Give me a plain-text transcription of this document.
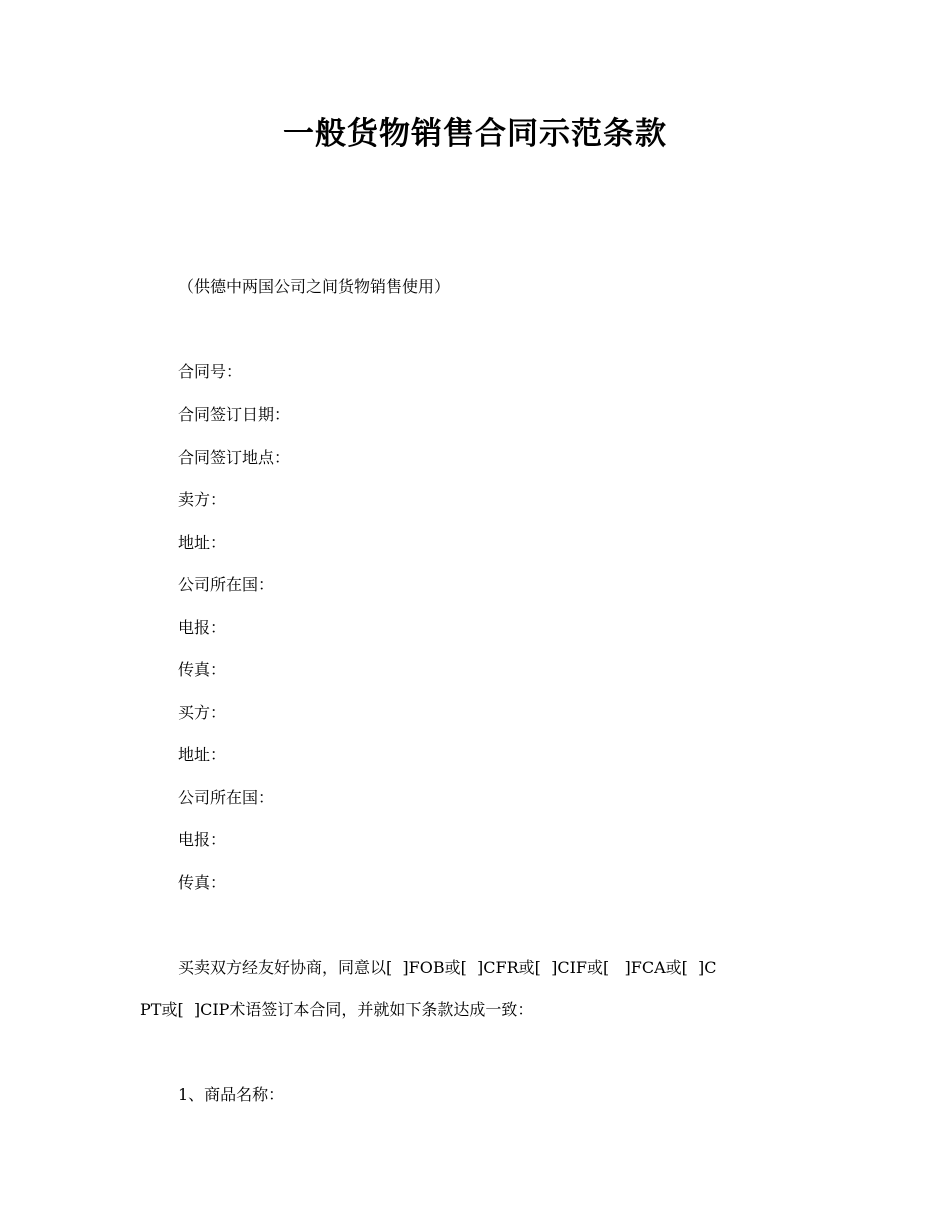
一般货物销售合同示范条款
（供德中两国公司之间货物销售使用）
合同号：
合同签订日期：
合同签订地点：
卖方：
地址：
公司所在国：
电报：
传真：
买方：
地址：
公司所在国：
电报：
传真：
买卖双方经友好协商，同意以[  ]FOB或[  ]CFR或[  ]CIF或[   ]FCA或[  ]C
PT或[  ]CIP术语签订本合同，并就如下条款达成一致：
1、商品名称：
